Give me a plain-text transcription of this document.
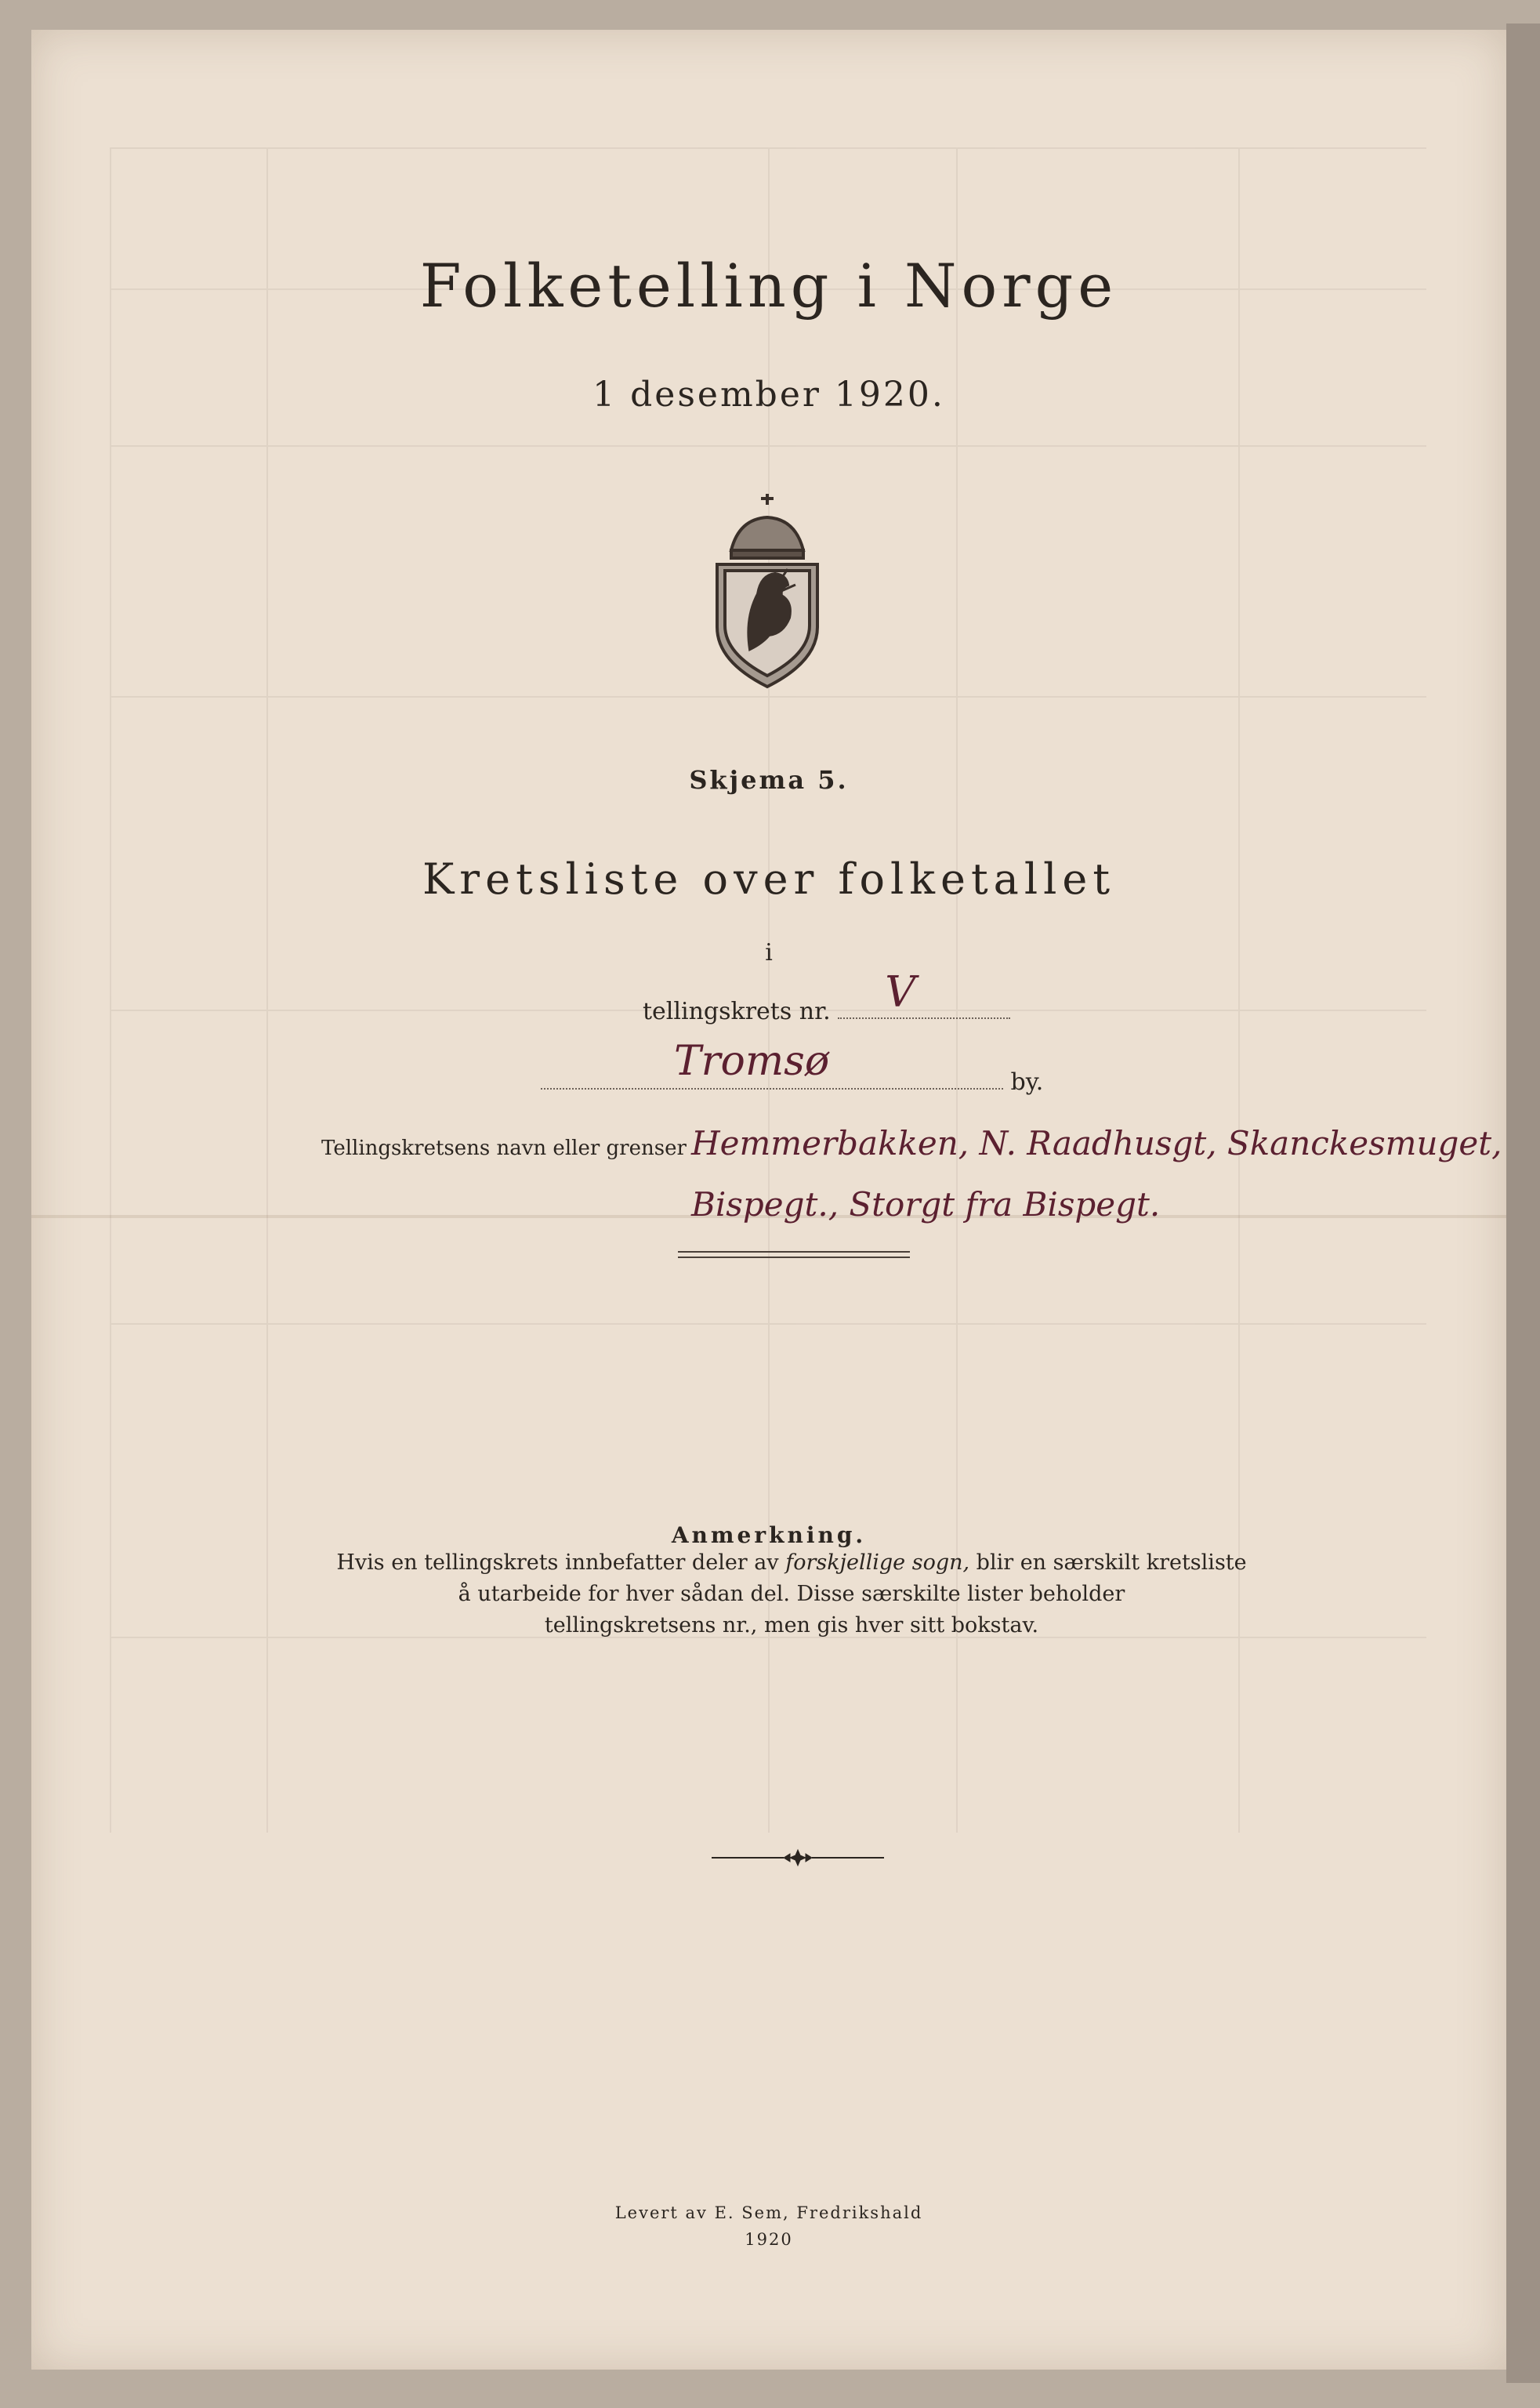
Folketelling i Norge
1 desember 1920.
Skjema 5.
Kretsliste over folketallet
i
tellingskrets nr. V
Tromsø	by.
Tellingskretsens navn eller grenser Hemmerbakken, N. Raadhusgt, Skanckesmuget,
Bispegt., Storgt fra Bispegt.
Anmerkning.
Hvis en tellingskrets innbefatter deler av forskjellige sogn, blir en særskilt kretsliste
å utarbeide for hver sådan del. Disse særskilte lister beholder
tellingskretsens nr., men gis hver sitt bokstav.
Levert av E. Sem, Fredrikshald
1920
